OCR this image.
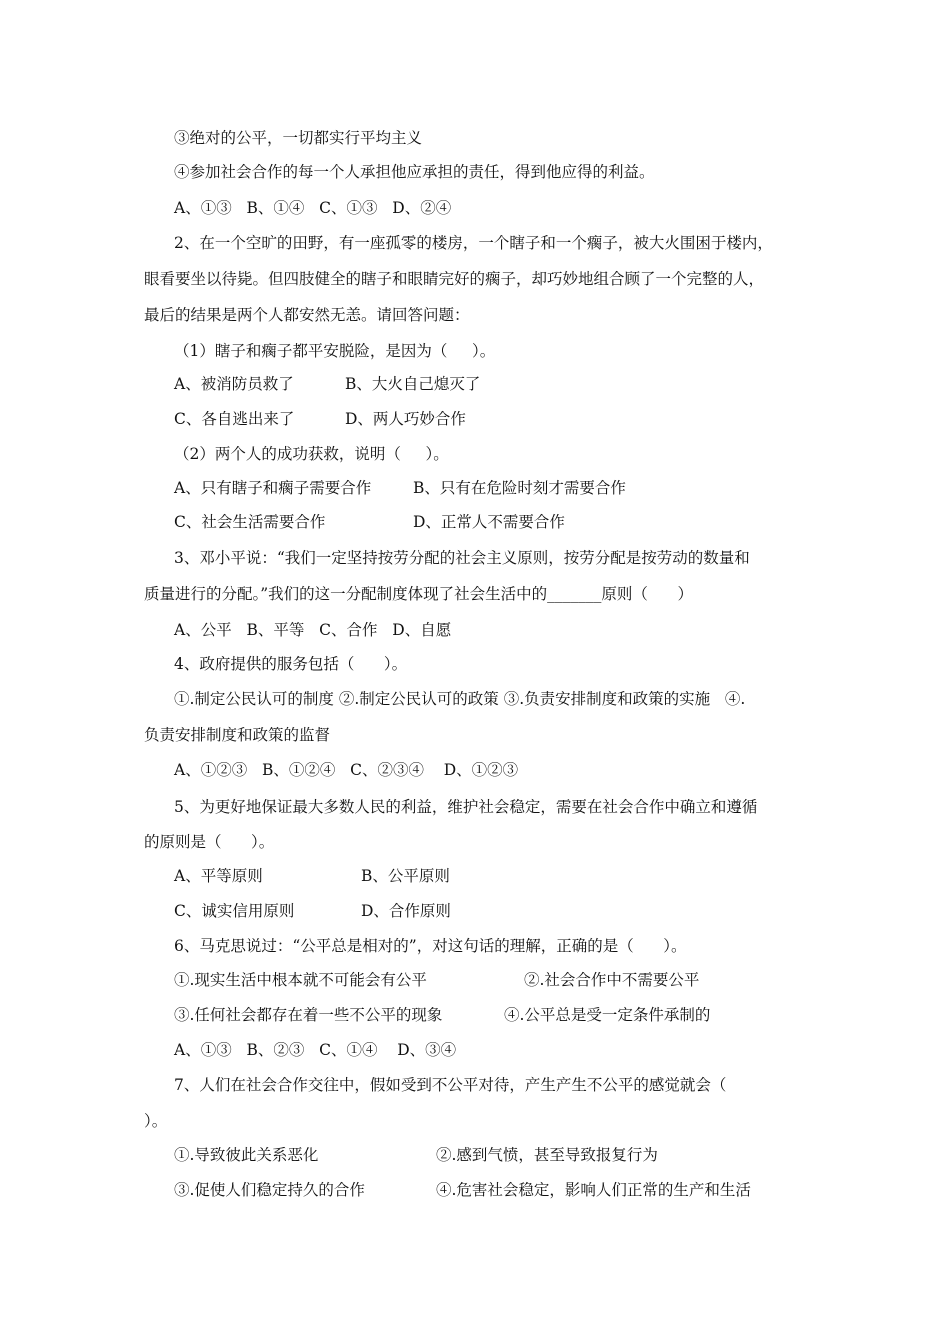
③绝对的公平，一切都实行平均主义
④参加社会合作的每一个人承担他应承担的责任，得到他应得的利益。
A、①③   B、①④   C、①③   D、②④
2、在一个空旷的田野，有一座孤零的楼房，一个瞎子和一个瘸子，被大火围困于楼内，
眼看要坐以待毙。但四肢健全的瞎子和眼睛完好的瘸子，却巧妙地组合顾了一个完整的人，
最后的结果是两个人都安然无恙。请回答问题：
（1）瞎子和瘸子都平安脱险，是因为（     ）。
A、被消防员救了	B、大火自己熄灭了
C、各自逃出来了	D、两人巧妙合作
（2）两个人的成功获救，说明（     ）。
A、只有瞎子和瘸子需要合作	B、只有在危险时刻才需要合作
C、社会生活需要合作	D、正常人不需要合作
3、邓小平说：“我们一定坚持按劳分配的社会主义原则，按劳分配是按劳动的数量和
质量进行的分配。”我们的这一分配制度体现了社会生活中的_______原则（      ）
A、公平   B、平等   C、合作   D、自愿
4、政府提供的服务包括（      ）。
①.制定公民认可的制度 ②.制定公民认可的政策 ③.负责安排制度和政策的实施   ④.
负责安排制度和政策的监督
A、①②③   B、①②④   C、②③④    D、①②③
5、为更好地保证最大多数人民的利益，维护社会稳定，需要在社会合作中确立和遵循
的原则是（      ）。
A、平等原则	B、公平原则
C、诚实信用原则	D、合作原则
6、马克思说过：“公平总是相对的”，对这句话的理解，正确的是（      ）。
①.现实生活中根本就不可能会有公平	②.社会合作中不需要公平
③.任何社会都存在着一些不公平的现象	④.公平总是受一定条件承制的
A、①③   B、②③   C、①④    D、③④
7、人们在社会合作交往中，假如受到不公平对待，产生产生不公平的感觉就会（
）。
①.导致彼此关系恶化	②.感到气愤，甚至导致报复行为
③.促使人们稳定持久的合作	④.危害社会稳定，影响人们正常的生产和生活
